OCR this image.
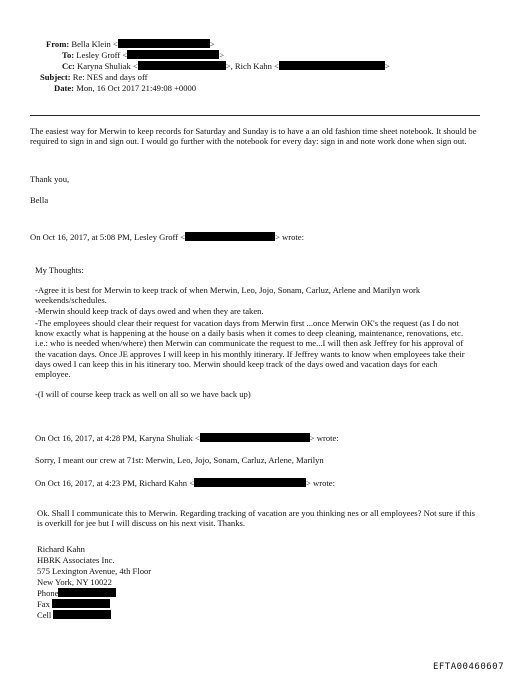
From: Bella Klein <	>
To: Lesley Groff <	>
Cc: Karyna Shuliak <	>, Rich Kahn <	>
Subject: Re: NES and days off
Date: Mon, 16 Oct 2017 21:49:08 +0000
The easiest way for Merwin to keep records for Saturday and Sunday is to have a an old fashion time sheet notebook. It should be required to sign in and sign out. I would go further with the notebook for every day: sign in and note work done when sign out.
Thank you,
Bella
On Oct 16, 2017, at 5:08 PM, Lesley Groff <	> wrote:
My Thoughts:
-Agree it is best for Merwin to keep track of when Merwin, Leo, Jojo, Sonam, Carluz, Arlene and Marilyn work weekends/schedules.
-Merwin should keep track of days owed and when they are taken.
-The employees should clear their request for vacation days from Merwin first ...once Merwin OK's the request (as I do not know exactly what is happening at the house on a daily basis when it comes to deep cleaning, maintenance, renovations, etc. i.e.: who is needed when/where) then Merwin can communicate the request to me...I will then ask Jeffrey for his approval of the vacation days. Once JE approves I will keep in his monthly itinerary. If Jeffrey wants to know when employees take their days owed I can keep this in his itinerary too. Merwin should keep track of the days owed and vacation days for each employee.
-(I will of course keep track as well on all so we have back up)
On Oct 16, 2017, at 4:28 PM, Karyna Shuliak <	> wrote:
Sorry, I meant our crew at 71st: Merwin, Leo, Jojo, Sonam, Carluz, Arlene, Marilyn
On Oct 16, 2017, at 4:23 PM, Richard Kahn <	> wrote:
Ok. Shall I communicate this to Merwin. Regarding tracking of vacation are you thinking nes or all employees? Not sure if this is overkill for jee but I will discuss on his next visit. Thanks.
Richard Kahn
HBRK Associates Inc.
575 Lexington Avenue, 4th Floor
New York, NY 10022
Phone
Fax
Cell
EFTA00460607
